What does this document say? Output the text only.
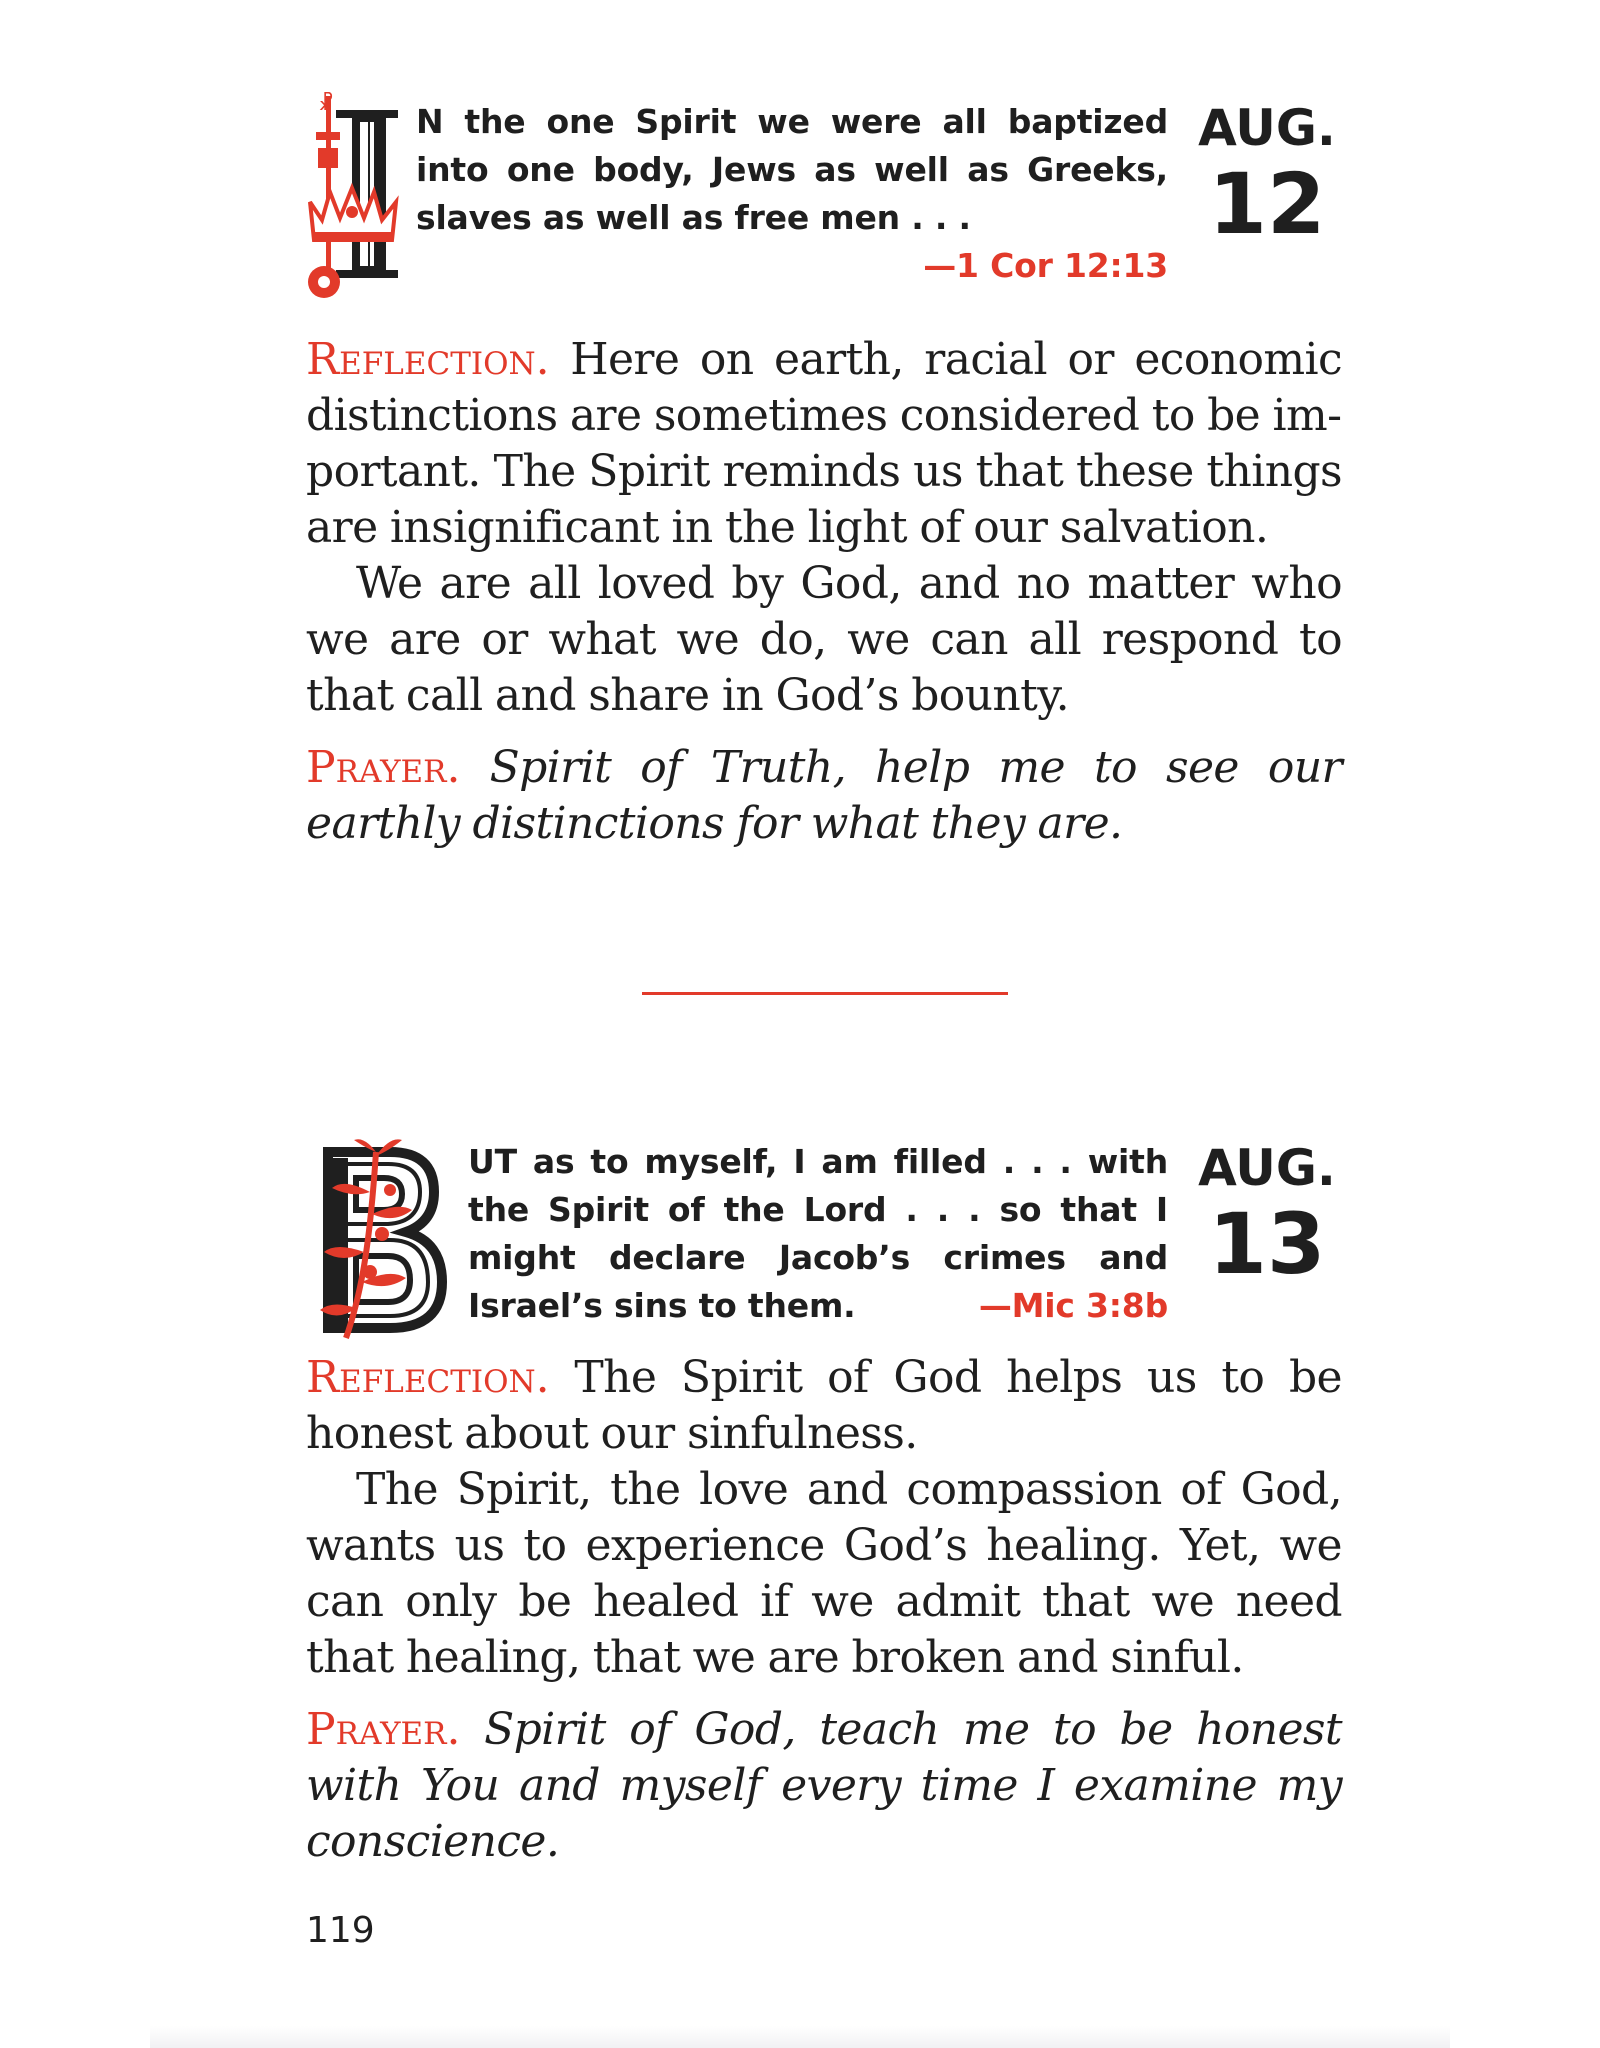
☧ N the one Spirit we were all baptized into one body, Jews as well as Greeks, slaves as well as free men . . .
—1 Cor 12:13
AUG.
12

Reflection. Here on earth, racial or economic distinctions are sometimes considered to be important. The Spirit reminds us that these things are insignificant in the light of our salvation.

We are all loved by God, and no matter who we are or what we do, we can all respond to that call and share in God’s bounty.

Prayer. Spirit of Truth, help me to see our earthly distinctions for what they are.

UT as to myself, I am filled . . . with the Spirit of the Lord . . . so that I might declare Jacob’s crimes and Israel’s sins to them.	—Mic 3:8b
AUG.
13

Reflection. The Spirit of God helps us to be honest about our sinfulness.

The Spirit, the love and compassion of God, wants us to experience God’s healing. Yet, we can only be healed if we admit that we need that healing, that we are broken and sinful.

Prayer. Spirit of God, teach me to be honest with You and myself every time I examine my conscience.

119
